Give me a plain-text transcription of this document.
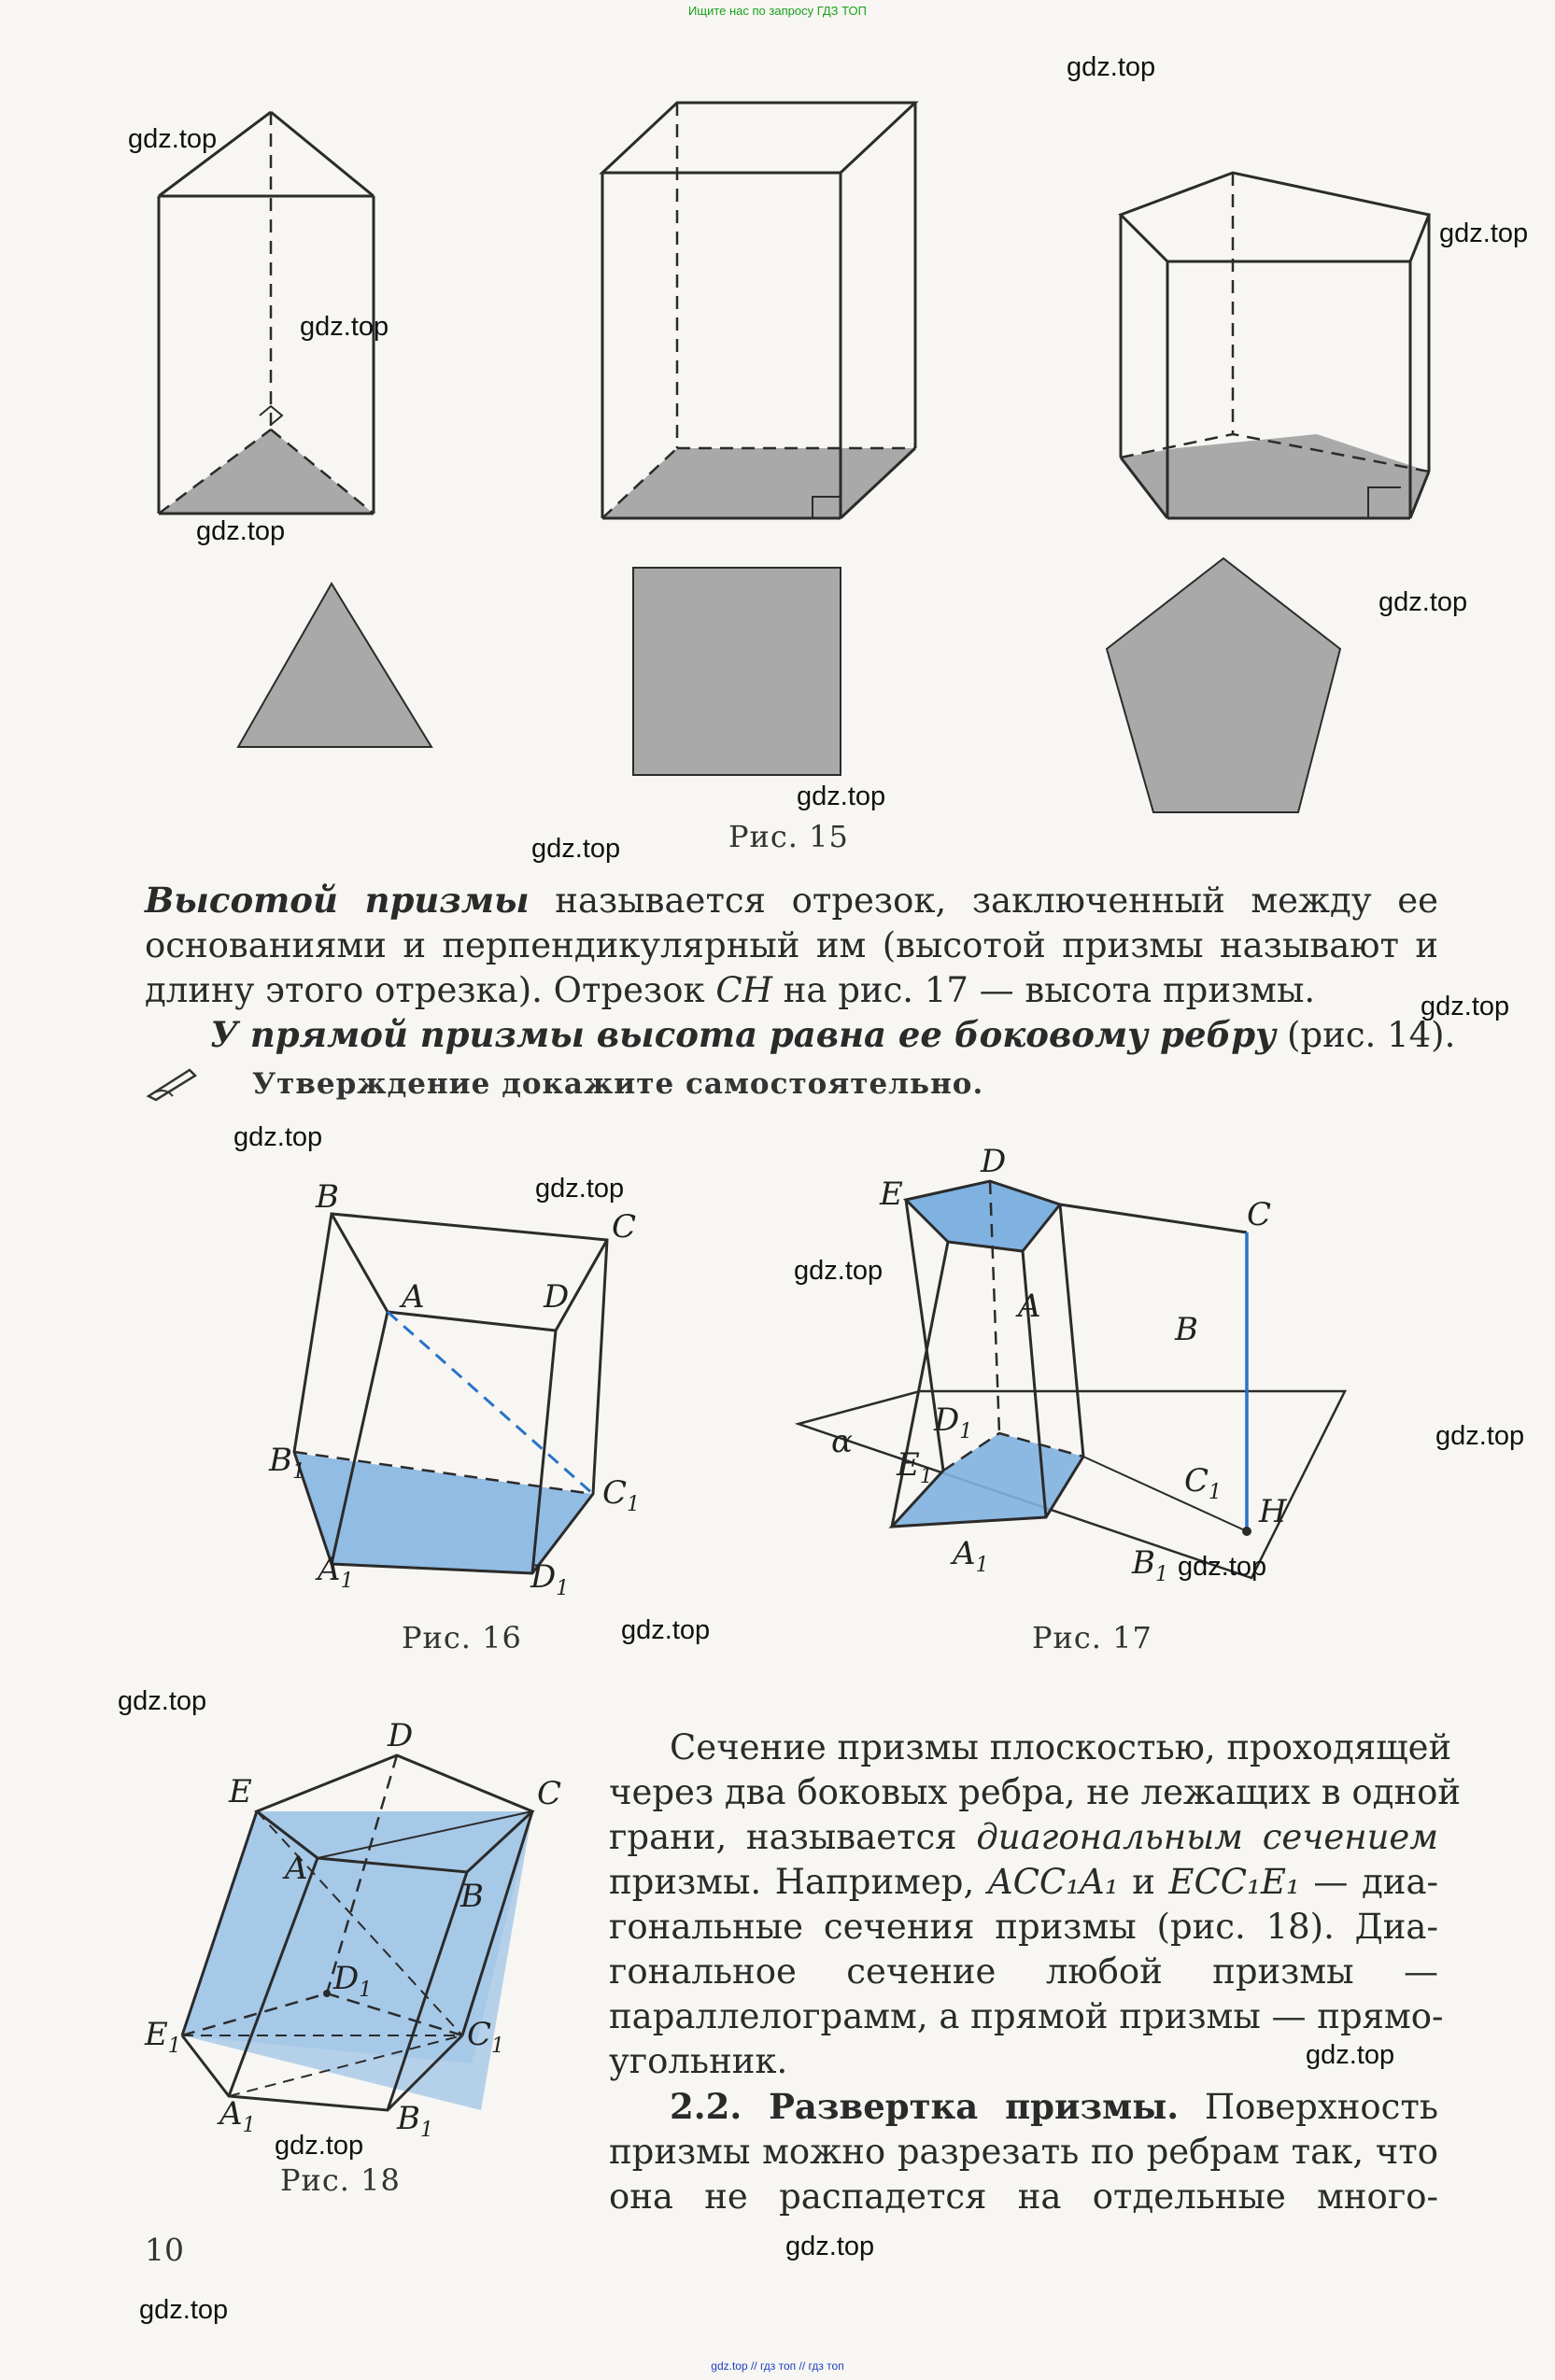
Ищите нас по запросу ГДЗ ТОП
Рис. 15
Высотой призмы называется отрезок, заключенный между ее
основаниями и перпендикулярный им (высотой призмы называют и
длину этого отрезка). Отрезок CH на рис. 17 — высота призмы.
У прямой призмы высота равна ее боковому ребру (рис. 14).
Утверждение докажите самостоятельно.
B
C
A	D
$B_1$
$C_1$
$A_1$	$D_1$
Рис. 16
D
E
C
A
B
$D_1$
$E_1$	$C_1$
$A_1$	$B_1$
H
α
Рис. 17
D
E	C
A
B
$D_1$
$E_1$	$C_1$
$A_1$	$B_1$
Рис. 18
Сечение призмы плоскостью, проходящей
через два боковых ребра, не лежащих в одной
грани, называется диагональным сечением
призмы. Например, ACC₁A₁ и ECC₁E₁ — диа-
гональные сечения призмы (рис. 18). Диа-
гональное сечение любой призмы —
параллелограмм, а прямой призмы — прямо-
угольник.
2.2. Развертка призмы. Поверхность
призмы можно разрезать по ребрам так, что
она не распадется на отдельные много-
10
gdz.top
gdz.top
gdz.top
gdz.top
gdz.top
gdz.top
gdz.top
gdz.top
gdz.top
gdz.top
gdz.top
gdz.top
gdz.top
gdz.top
gdz.top
gdz.top
gdz.top
gdz.top
gdz.top
gdz.top
gdz.top // гдз топ // гдз топ
